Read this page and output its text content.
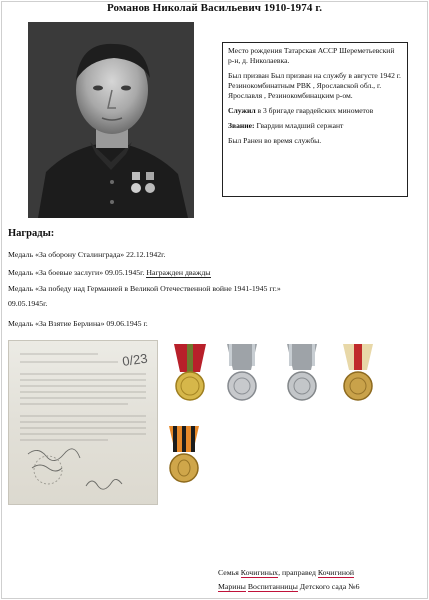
Романов Николай Васильевич 1910-1974 г.

Место рождения Татарская АССР Шереметьевский р-н, д. Николаевка.

Был призван Был призван на службу в августе 1942 г. Резинокомбинатным РВК , Ярославской обл., г. Ярославля , Резинокомбинацким р-ом.

Служил в 3 бригаде гвардейских минометов

Звание: Гвардии младший сержант

Был Ранен во время службы.

Награды:
Медаль «За оборону Сталинграда» 22.12.1942г.
Медаль «За боевые заслуги» 09.05.1945г. Награжден дважды
Медаль «За победу над Германией в Великой Отечественной войне 1941-1945 гг.»
09.05.1945г.
Медаль «За Взятие Берлина» 09.06.1945 г.
0/23
Семья Кочигиных, праправед Кочигиной
Марины Воспитанницы Детского сада №6
